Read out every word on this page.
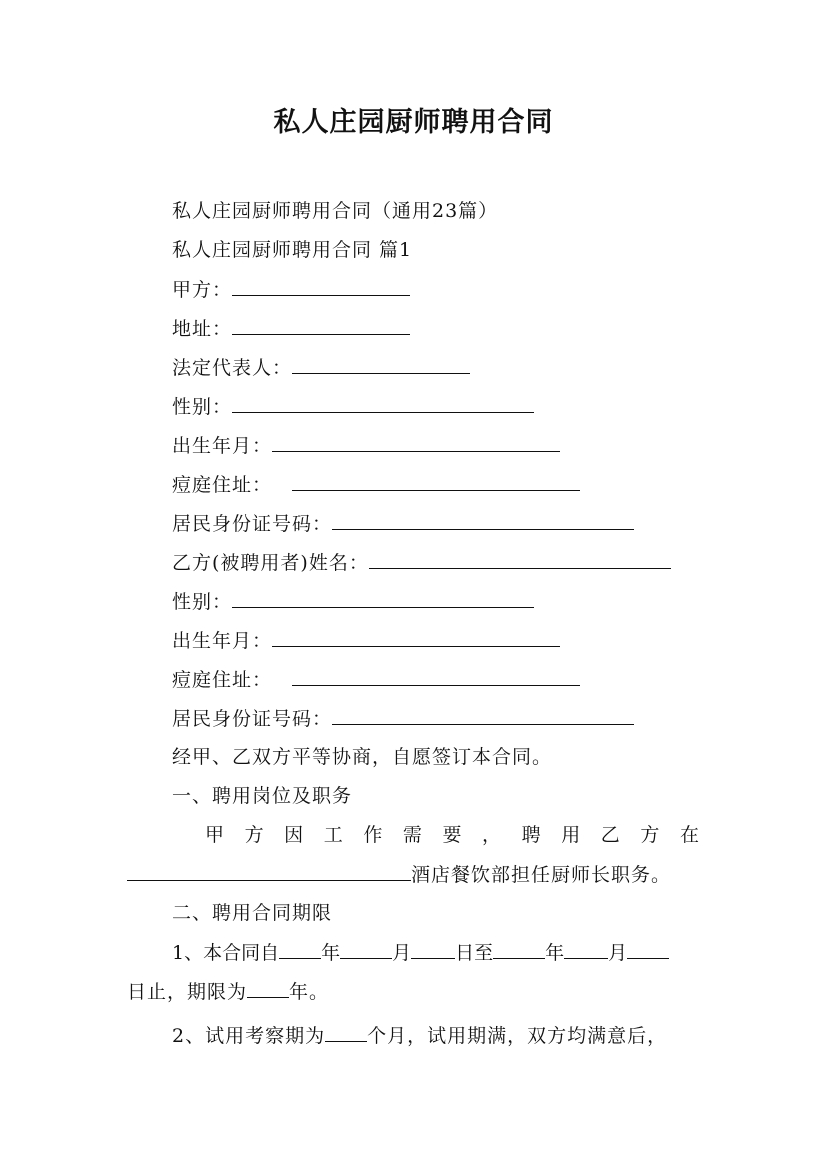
私人庄园厨师聘用合同
私人庄园厨师聘用合同（通用23篇）
私人庄园厨师聘用合同 篇1
甲方：
地址：
法定代表人：
性别：
出生年月：
痘庭住址：
居民身份证号码：
乙方(被聘用者)姓名：
性别：
出生年月：
痘庭住址：
居民身份证号码：
经甲、乙双方平等协商，自愿签订本合同。
一、聘用岗位及职务
甲 方 因 工 作 需 要 ， 聘 用 乙 方 在
酒店餐饮部担任厨师长职务。
二、聘用合同期限
1、本合同自 年	月 日至	年 月
日止，期限为 年。
2、试用考察期为 个月，试用期满，双方均满意后，
